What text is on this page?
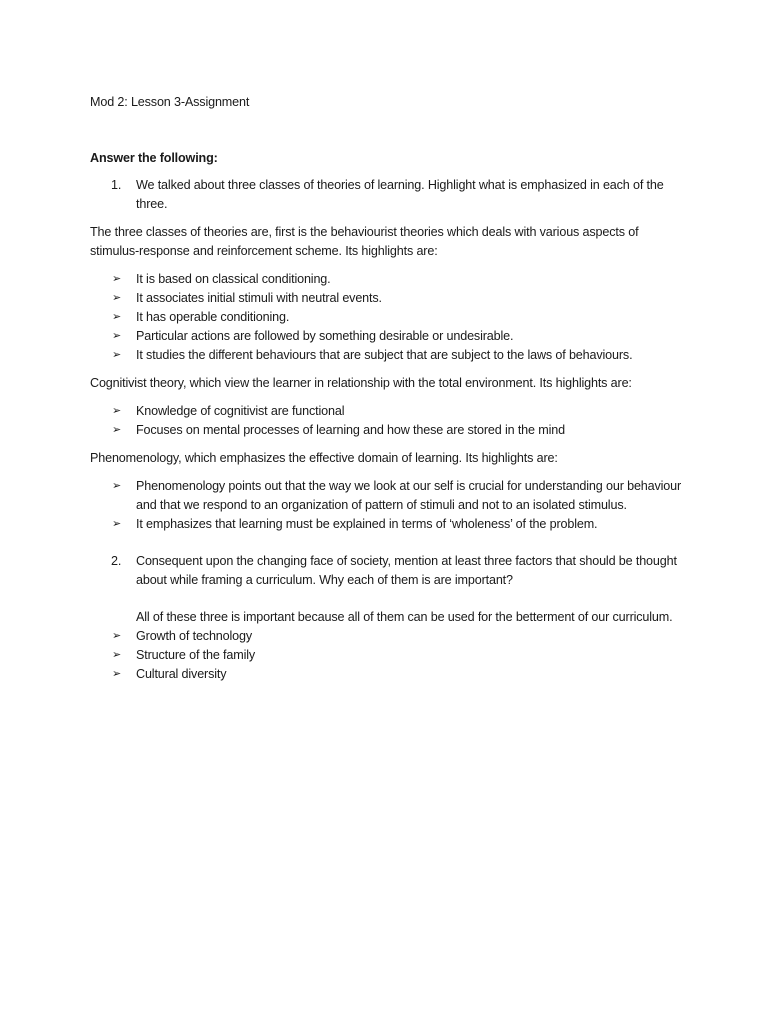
Mod 2: Lesson 3-Assignment

Answer the following:

1.	We talked about three classes of theories of learning. Highlight what is emphasized in each of the three.

The three classes of theories are, first is the behaviourist theories which deals with various aspects of stimulus-response and reinforcement scheme. Its highlights are:

➢	It is based on classical conditioning.
➢	It associates initial stimuli with neutral events.
➢	It has operable conditioning.
➢	Particular actions are followed by something desirable or undesirable.
➢	It studies the different behaviours that are subject that are subject to the laws of behaviours.

Cognitivist theory, which view the learner in relationship with the total environment. Its highlights are:

➢	Knowledge of cognitivist are functional
➢	Focuses on mental processes of learning and how these are stored in the mind

Phenomenology, which emphasizes the effective domain of learning. Its highlights are:

➢	Phenomenology points out that the way we look at our self is crucial for understanding our behaviour and that we respond to an organization of pattern of stimuli and not to an isolated stimulus.
➢	It emphasizes that learning must be explained in terms of ‘wholeness’ of the problem.
2.	Consequent upon the changing face of society, mention at least three factors that should be thought about while framing a curriculum. Why each of them is are important?

All of these three is important because all of them can be used for the betterment of our curriculum.

➢	Growth of technology
➢	Structure of the family
➢	Cultural diversity
